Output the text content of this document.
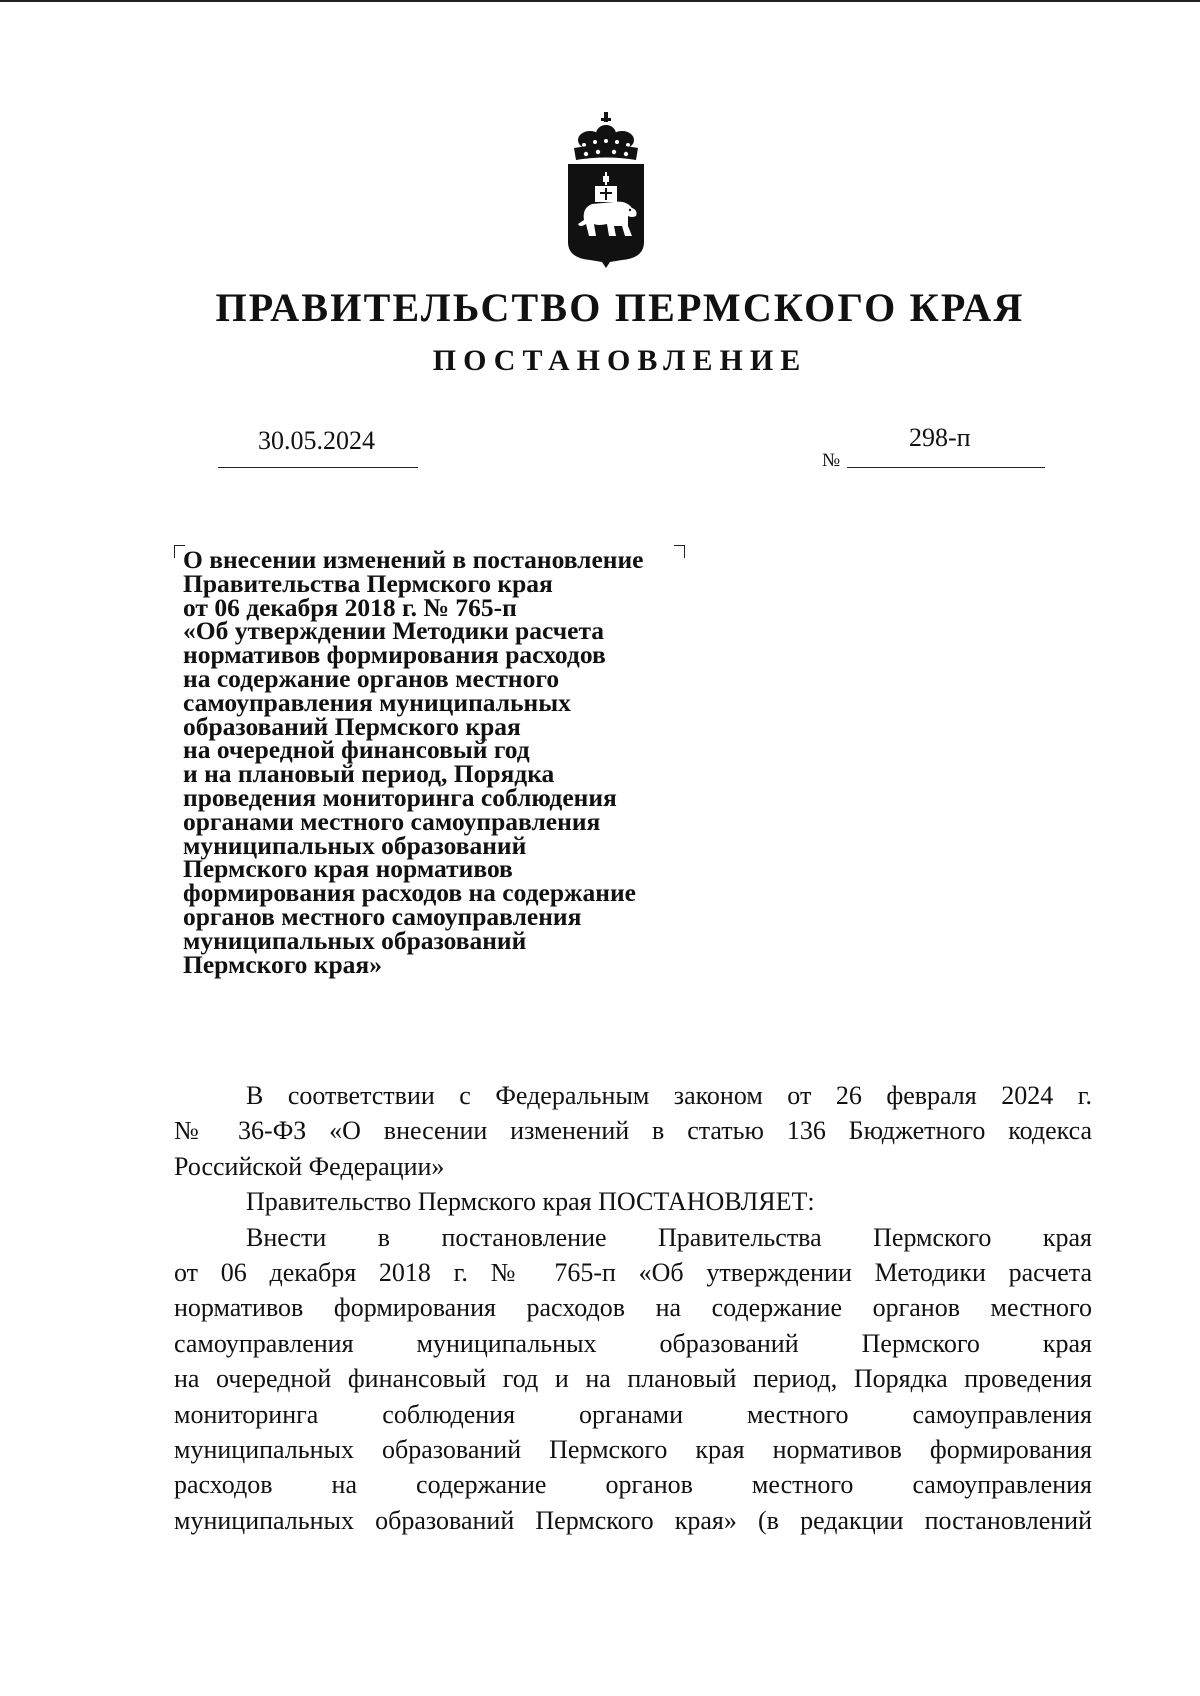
ПРАВИТЕЛЬСТВО ПЕРМСКОГО КРАЯ
ПОСТАНОВЛЕНИЕ
30.05.2024	298-п
№
О внесении изменений в постановление
Правительства Пермского края
от 06 декабря 2018 г. № 765-п
«Об утверждении Методики расчета
нормативов формирования расходов
на содержание органов местного
самоуправления муниципальных
образований Пермского края
на очередной финансовый год
и на плановый период, Порядка
проведения мониторинга соблюдения
органами местного самоуправления
муниципальных образований
Пермского края нормативов
формирования расходов на содержание
органов местного самоуправления
муниципальных образований
Пермского края»
В соответствии с Федеральным законом от 26 февраля 2024 г.
№ 36-ФЗ «О внесении изменений в статью 136 Бюджетного кодекса
Российской Федерации»
Правительство Пермского края ПОСТАНОВЛЯЕТ:
Внести в постановление Правительства Пермского края
от 06 декабря 2018 г. № 765-п «Об утверждении Методики расчета
нормативов формирования расходов на содержание органов местного
самоуправления муниципальных образований Пермского края
на очередной финансовый год и на плановый период, Порядка проведения
мониторинга соблюдения органами местного самоуправления
муниципальных образований Пермского края нормативов формирования
расходов на содержание органов местного самоуправления
муниципальных образований Пермского края» (в редакции постановлений
